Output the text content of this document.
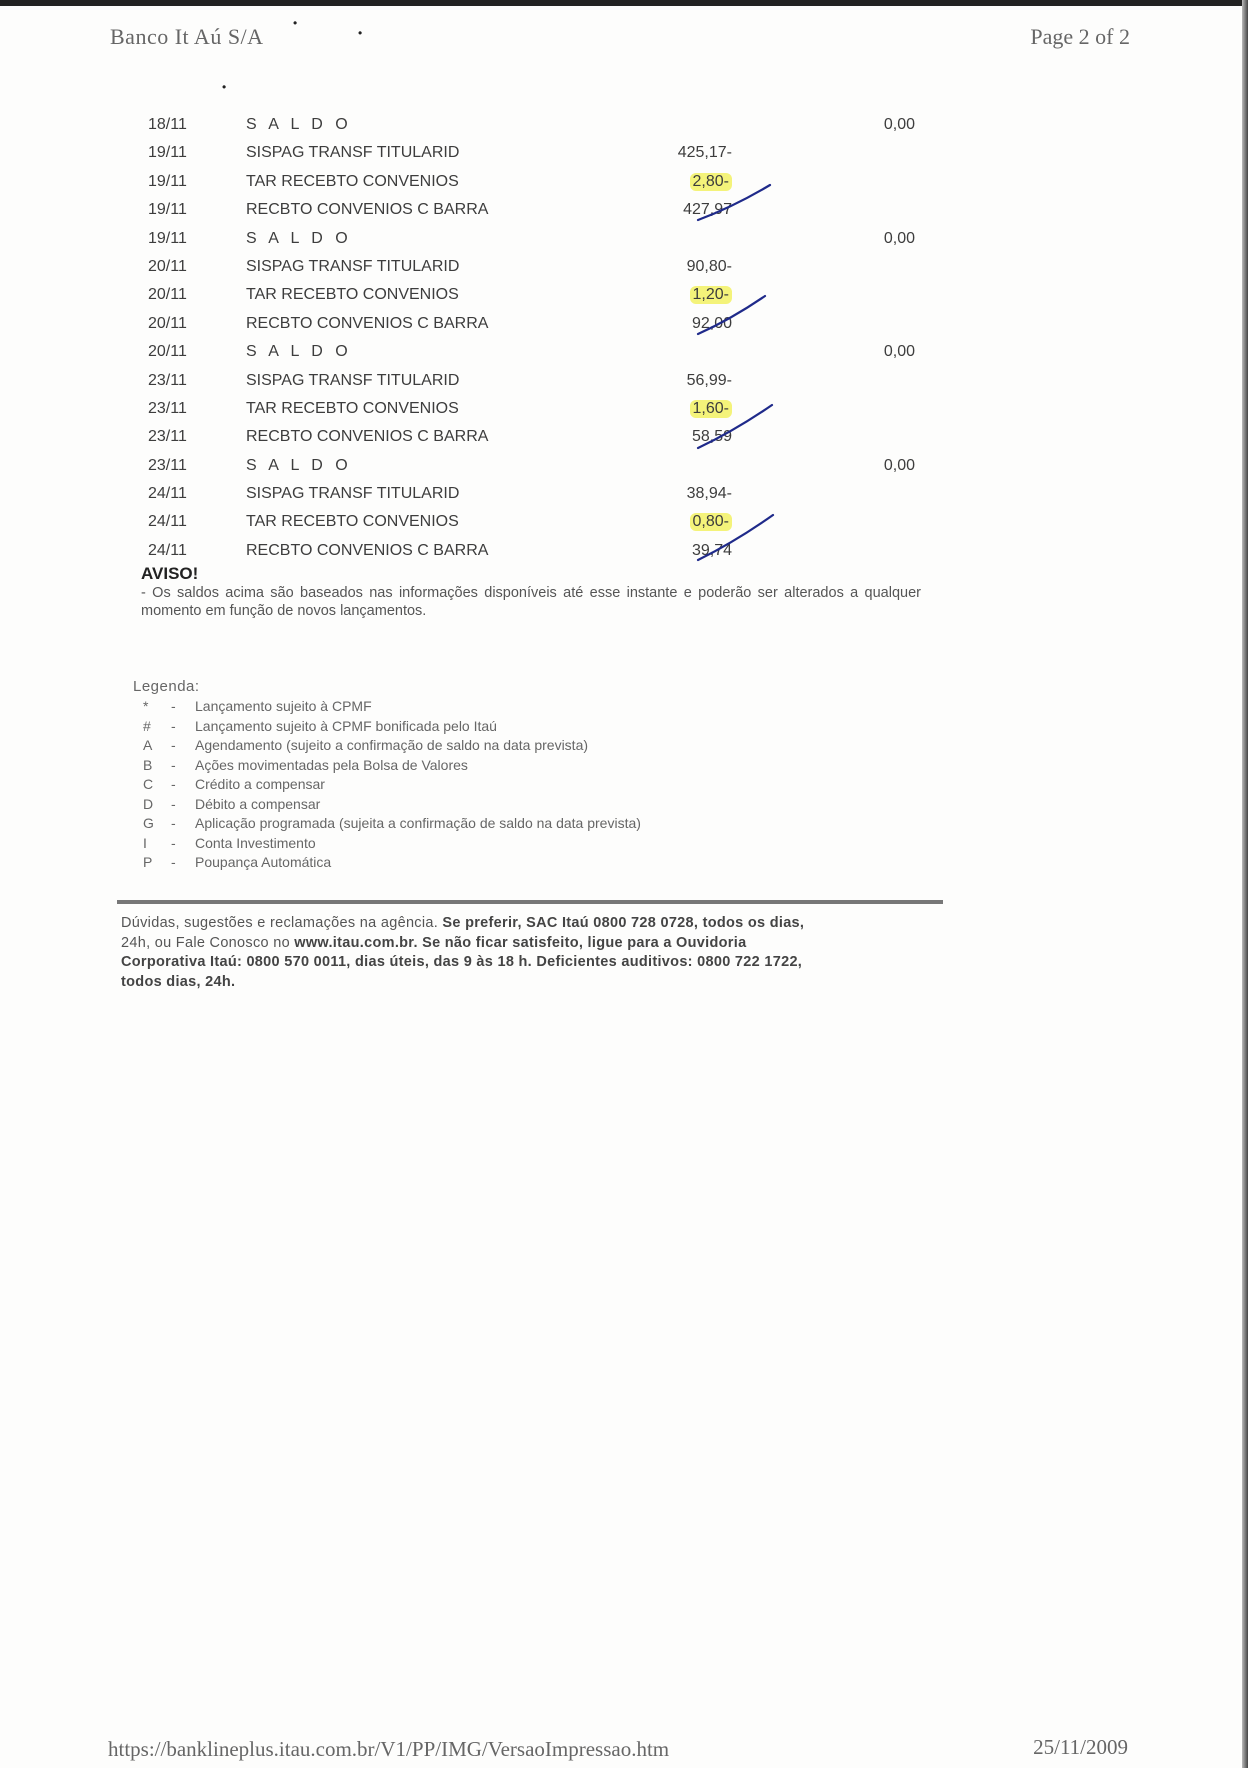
Banco It Aú S/A	Page 2 of 2
•
•
•
18/11	S A L D O	0,00
19/11	SISPAG TRANSF TITULARID	425,17-
19/11	TAR RECEBTO CONVENIOS	2,80-
19/11	RECBTO CONVENIOS C BARRA	427,97
19/11	S A L D O	0,00
20/11	SISPAG TRANSF TITULARID	90,80-
20/11	TAR RECEBTO CONVENIOS	1,20-
20/11	RECBTO CONVENIOS C BARRA	92,00
20/11	S A L D O	0,00
23/11	SISPAG TRANSF TITULARID	56,99-
23/11	TAR RECEBTO CONVENIOS	1,60-
23/11	RECBTO CONVENIOS C BARRA	58,59
23/11	S A L D O	0,00
24/11	SISPAG TRANSF TITULARID	38,94-
24/11	TAR RECEBTO CONVENIOS	0,80-
24/11	RECBTO CONVENIOS C BARRA	39,74
AVISO!
- Os saldos acima são baseados nas informações disponíveis até esse instante e poderão ser alterados a qualquer momento em função de novos lançamentos.
Legenda:
* - Lançamento sujeito à CPMF
# - Lançamento sujeito à CPMF bonificada pelo Itaú
A - Agendamento (sujeito a confirmação de saldo na data prevista)
B - Ações movimentadas pela Bolsa de Valores
C - Crédito a compensar
D - Débito a compensar
G - Aplicação programada (sujeita a confirmação de saldo na data prevista)
I - Conta Investimento
P - Poupança Automática
Dúvidas, sugestões e reclamações na agência. Se preferir, SAC Itaú 0800 728 0728, todos os dias,
24h, ou Fale Conosco no www.itau.com.br. Se não ficar satisfeito, ligue para a Ouvidoria
Corporativa Itaú: 0800 570 0011, dias úteis, das 9 às 18 h. Deficientes auditivos: 0800 722 1722,
todos dias, 24h.
https://banklineplus.itau.com.br/V1/PP/IMG/VersaoImpressao.htm	25/11/2009
